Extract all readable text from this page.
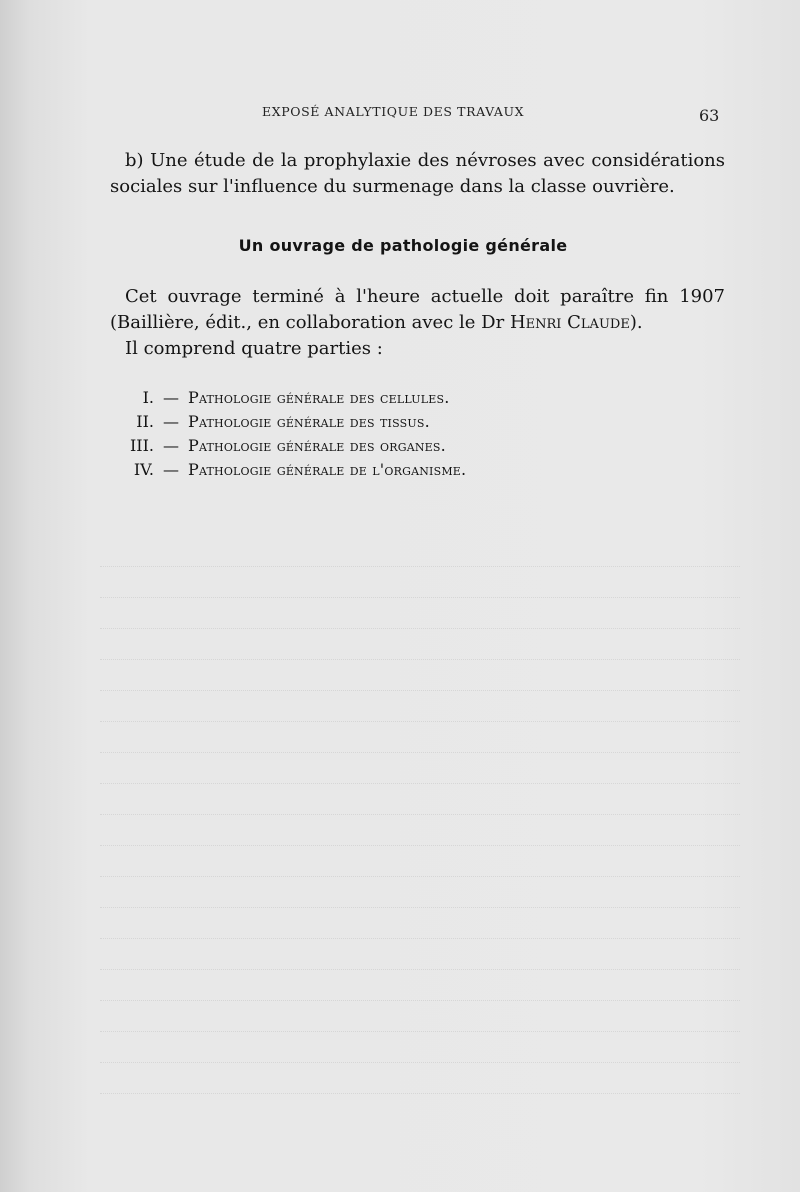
EXPOSÉ ANALYTIQUE DES TRAVAUX	63

b) Une étude de la prophylaxie des névroses avec considérations sociales sur l'influence du surmenage dans la classe ouvrière.

Un ouvrage de pathologie générale

Cet ouvrage terminé à l'heure actuelle doit paraître fin 1907 (Baillière, édit., en collaboration avec le Dr Henri Claude).

Il comprend quatre parties :
I. — Pathologie générale des cellules.
II. — Pathologie générale des tissus.
III. — Pathologie générale des organes.
IV. — Pathologie générale de l'organisme.
